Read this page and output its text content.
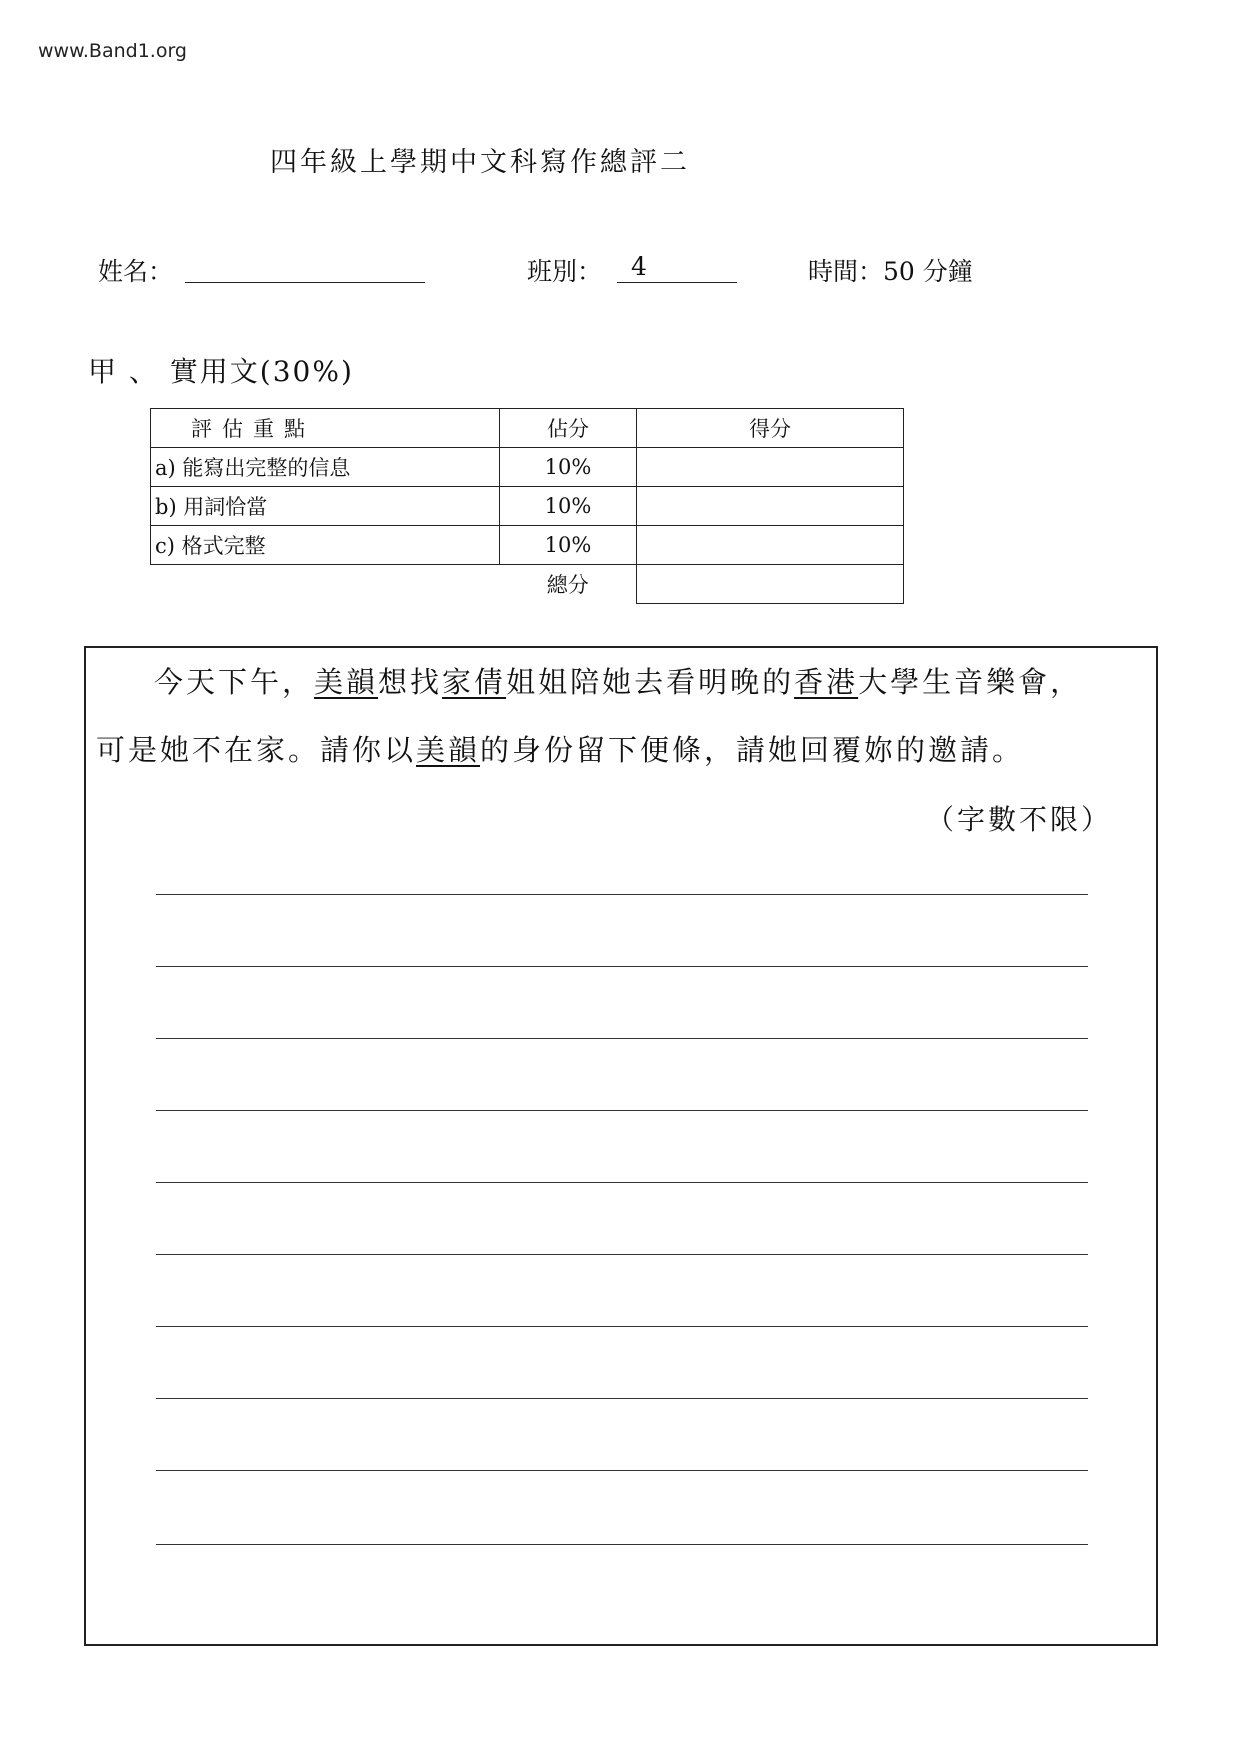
www.Band1.org
四年級上學期中文科寫作總評二
姓名：	班別： 4	時間：50 分鐘
甲 、 實用文(30%)
評估重點	佔分	得分
a) 能寫出完整的信息	10%	
b) 用詞恰當	10%	
c) 格式完整	10%	
	總分	
今天下午，美韻想找家倩姐姐陪她去看明晚的香港大學生音樂會，
可是她不在家。請你以美韻的身份留下便條，請她回覆妳的邀請。
（字數不限）
